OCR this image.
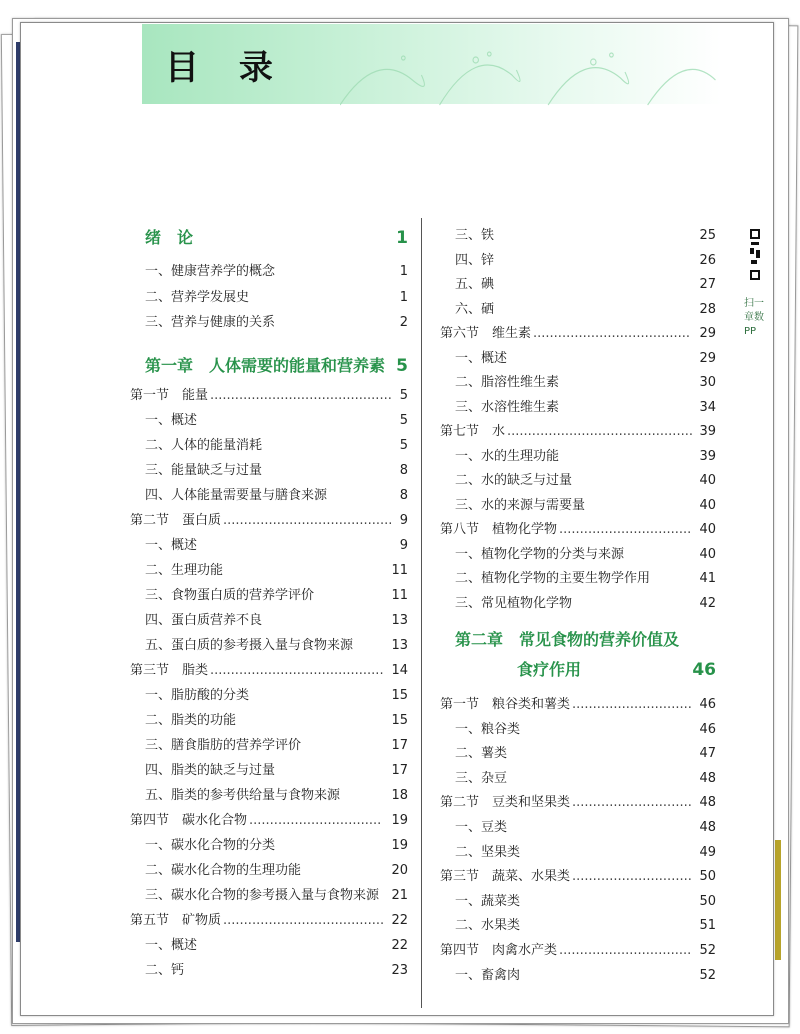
目 录
绪　论	1
一、健康营养学的概念	1
二、营养学发展史	1
三、营养与健康的关系	2
第一章　人体需要的能量和营养素 5
第一节　能量 ............................................ 5
一、概述	5
二、人体的能量消耗	5
三、能量缺乏与过量	8
四、人体能量需要量与膳食来源	8
第二节　蛋白质 ......................................... 9
一、概述	9
二、生理功能	11
三、食物蛋白质的营养学评价	11
四、蛋白质营养不良	13
五、蛋白质的参考摄入量与食物来源	13
第三节　脂类 .......................................... 14
一、脂肪酸的分类	15
二、脂类的功能	15
三、膳食脂肪的营养学评价	17
四、脂类的缺乏与过量	17
五、脂类的参考供给量与食物来源	18
第四节　碳水化合物 ................................ 19
一、碳水化合物的分类	19
二、碳水化合物的生理功能	20
三、碳水化合物的参考摄入量与食物来源 21
第五节　矿物质 ....................................... 22
一、概述	22
二、钙	23
三、铁	25
四、锌	26
五、碘	27
六、硒	28
第六节　维生素 ...................................... 29
一、概述	29
二、脂溶性维生素	30
三、水溶性维生素	34
第七节　水 ............................................. 39
一、水的生理功能	39
二、水的缺乏与过量	40
三、水的来源与需要量	40
第八节　植物化学物 ................................ 40
一、植物化学物的分类与来源	40
二、植物化学物的主要生物学作用	41
三、常见植物化学物	42
第二章　常见食物的营养价值及
食疗作用	46
第一节　粮谷类和薯类 ............................. 46
一、粮谷类	46
二、薯类	47
三、杂豆	48
第二节　豆类和坚果类 ............................. 48
一、豆类	48
二、坚果类	49
第三节　蔬菜、水果类 ............................. 50
一、蔬菜类	50
二、水果类	51
第四节　肉禽水产类 ................................ 52
一、畜禽肉	52
扫一
章数
PP
